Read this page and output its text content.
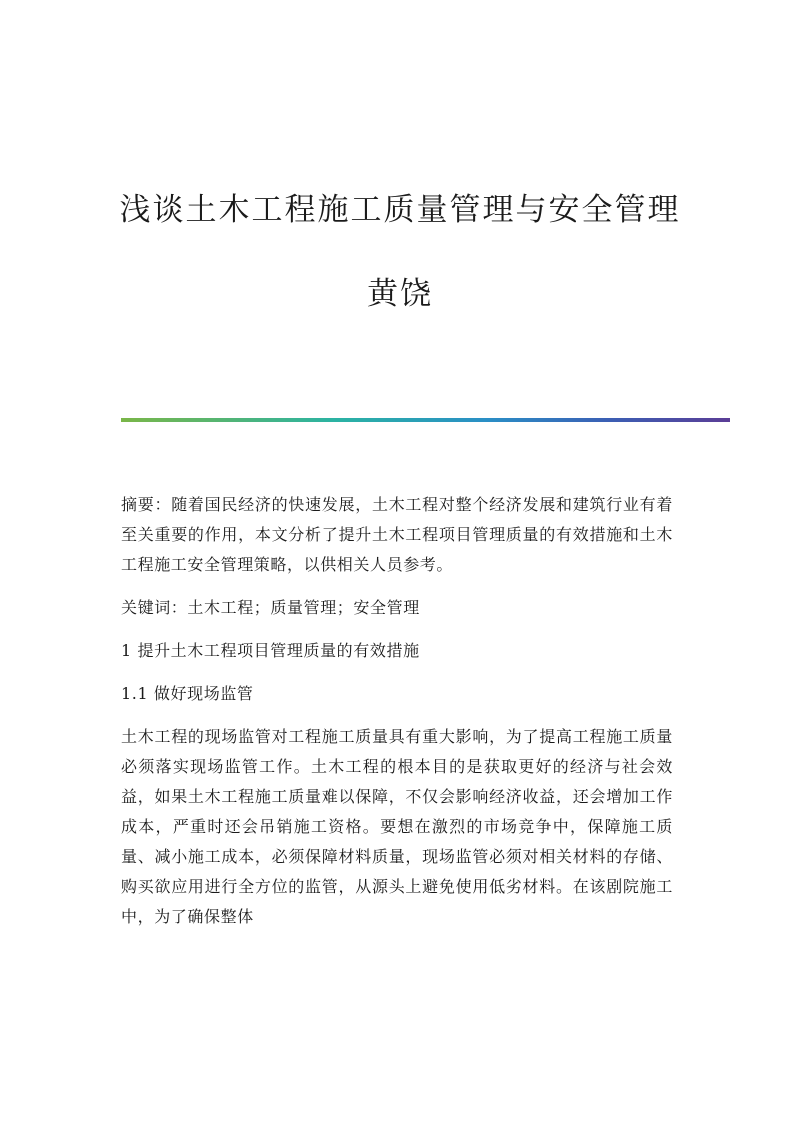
浅谈土木工程施工质量管理与安全管理
黄饶

摘要：随着国民经济的快速发展，土木工程对整个经济发展和建筑行业有着至关重要的作用，本文分析了提升土木工程项目管理质量的有效措施和土木工程施工安全管理策略，以供相关人员参考。

关键词：土木工程；质量管理；安全管理

1 提升土木工程项目管理质量的有效措施

1.1 做好现场监管

土木工程的现场监管对工程施工质量具有重大影响，为了提高工程施工质量必须落实现场监管工作。土木工程的根本目的是获取更好的经济与社会效益，如果土木工程施工质量难以保障，不仅会影响经济收益，还会增加工作成本，严重时还会吊销施工资格。要想在激烈的市场竞争中，保障施工质量、减小施工成本，必须保障材料质量，现场监管必须对相关材料的存储、购买欲应用进行全方位的监管，从源头上避免使用低劣材料。在该剧院施工中，为了确保整体
